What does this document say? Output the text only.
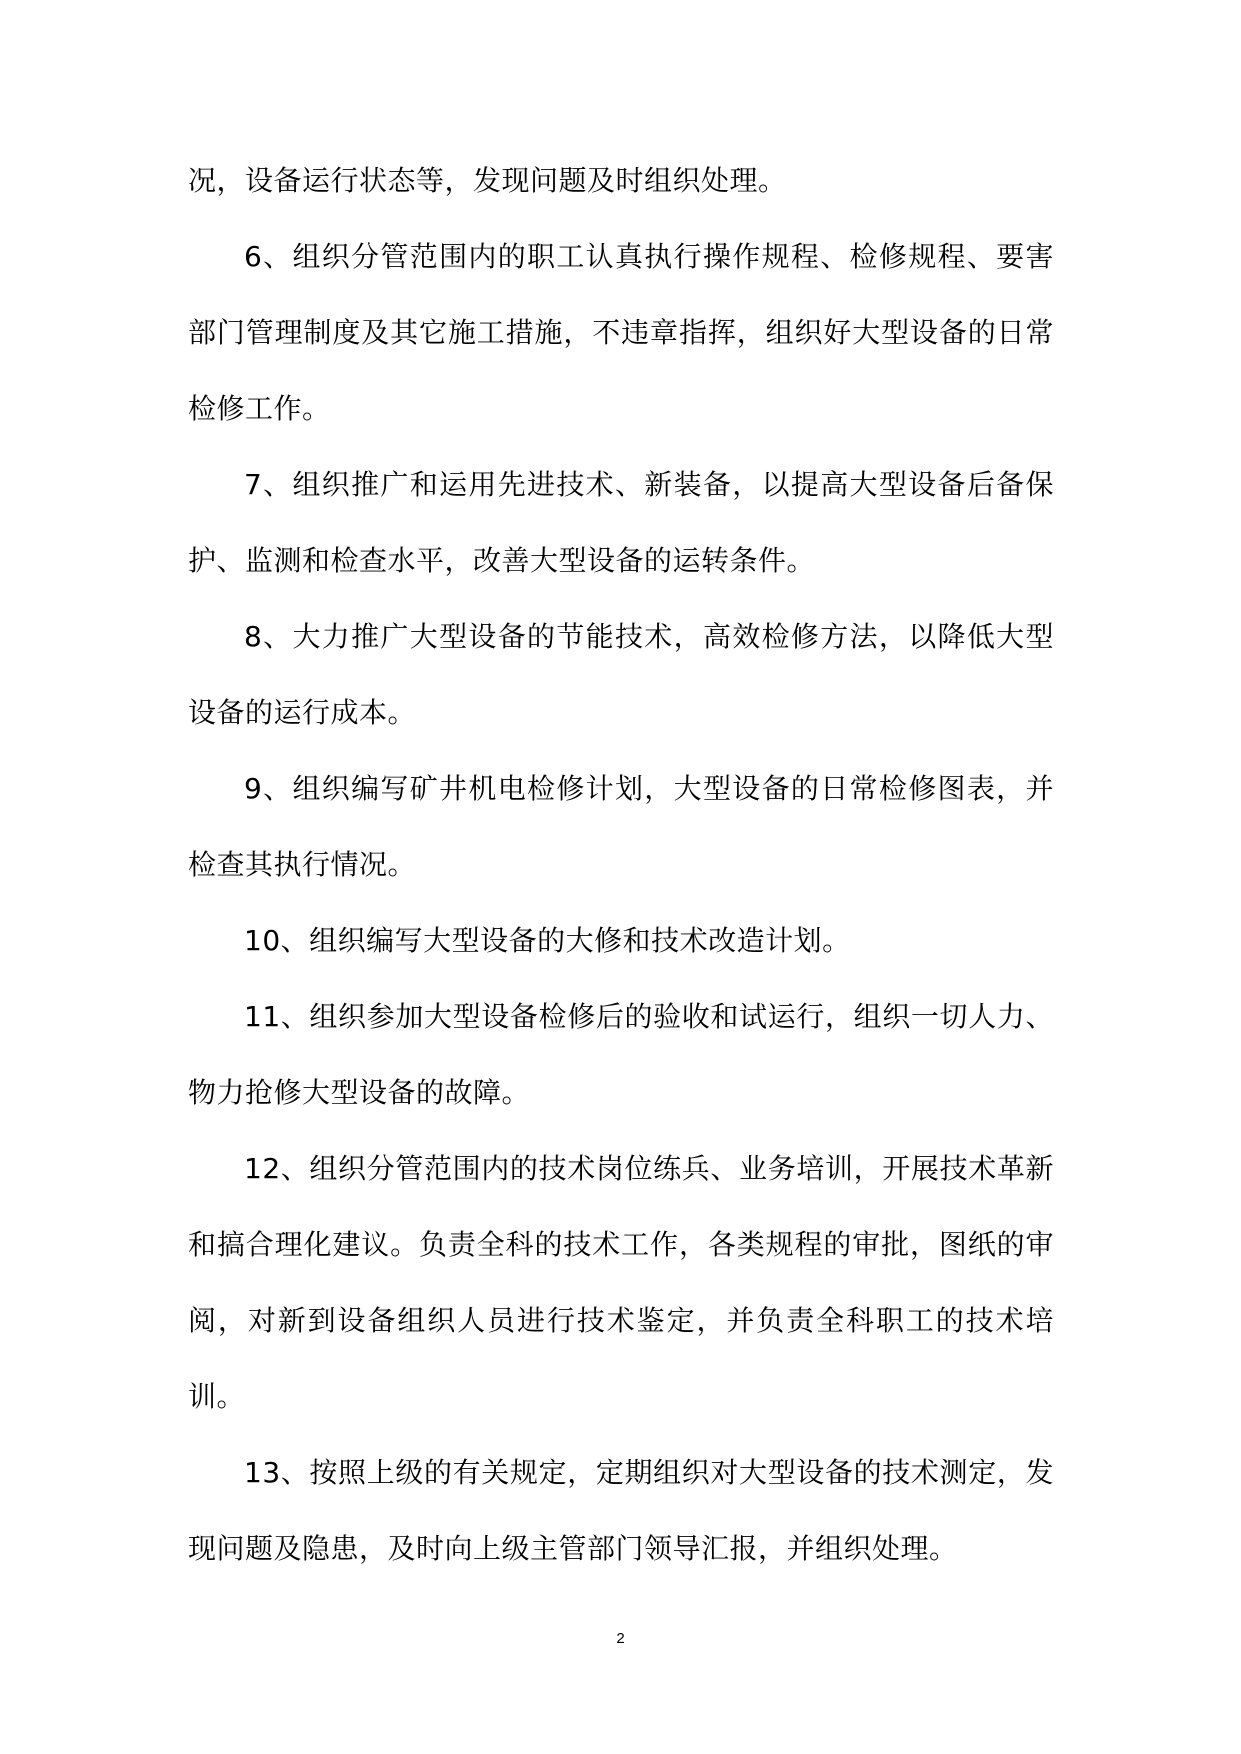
况，设备运行状态等，发现问题及时组织处理。

6、组织分管范围内的职工认真执行操作规程、检修规程、要害部门管理制度及其它施工措施，不违章指挥，组织好大型设备的日常检修工作。

7、组织推广和运用先进技术、新装备，以提高大型设备后备保护、监测和检查水平，改善大型设备的运转条件。

8、大力推广大型设备的节能技术，高效检修方法，以降低大型设备的运行成本。

9、组织编写矿井机电检修计划，大型设备的日常检修图表，并检查其执行情况。

10、组织编写大型设备的大修和技术改造计划。

11、组织参加大型设备检修后的验收和试运行，组织一切人力、物力抢修大型设备的故障。

12、组织分管范围内的技术岗位练兵、业务培训，开展技术革新和搞合理化建议。负责全科的技术工作，各类规程的审批，图纸的审阅，对新到设备组织人员进行技术鉴定，并负责全科职工的技术培训。

13、按照上级的有关规定，定期组织对大型设备的技术测定，发现问题及隐患，及时向上级主管部门领导汇报，并组织处理。

2
